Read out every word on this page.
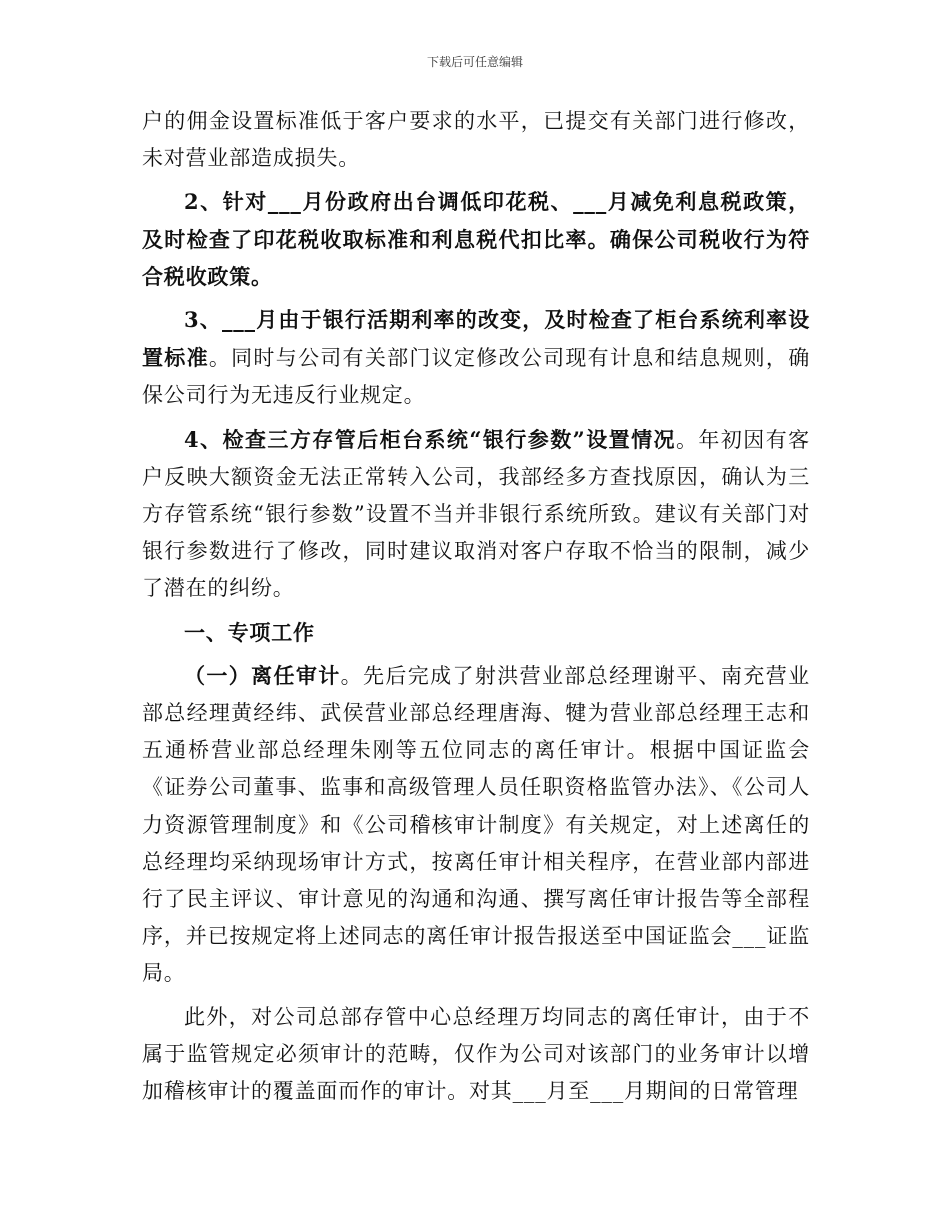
下载后可任意编辑

户的佣金设置标准低于客户要求的水平，已提交有关部门进行修改，未对营业部造成损失。

2、针对___月份政府出台调低印花税、___月减免利息税政策，及时检查了印花税收取标准和利息税代扣比率。确保公司税收行为符合税收政策。

3、___月由于银行活期利率的改变，及时检查了柜台系统利率设置标准。同时与公司有关部门议定修改公司现有计息和结息规则，确保公司行为无违反行业规定。

4、检查三方存管后柜台系统“银行参数”设置情况。年初因有客户反映大额资金无法正常转入公司，我部经多方查找原因，确认为三方存管系统“银行参数”设置不当并非银行系统所致。建议有关部门对银行参数进行了修改，同时建议取消对客户存取不恰当的限制，减少了潜在的纠纷。

一、专项工作

（一）离任审计。先后完成了射洪营业部总经理谢平、南充营业部总经理黄经纬、武侯营业部总经理唐海、犍为营业部总经理王志和五通桥营业部总经理朱刚等五位同志的离任审计。根据中国证监会《证券公司董事、监事和高级管理人员任职资格监管办法》、《公司人力资源管理制度》和《公司稽核审计制度》有关规定，对上述离任的总经理均采纳现场审计方式，按离任审计相关程序，在营业部内部进行了民主评议、审计意见的沟通和沟通、撰写离任审计报告等全部程序，并已按规定将上述同志的离任审计报告报送至中国证监会___证监局。

此外，对公司总部存管中心总经理万均同志的离任审计，由于不属于监管规定必须审计的范畴，仅作为公司对该部门的业务审计以增加稽核审计的覆盖面而作的审计。对其___月至___月期间的日常管理
